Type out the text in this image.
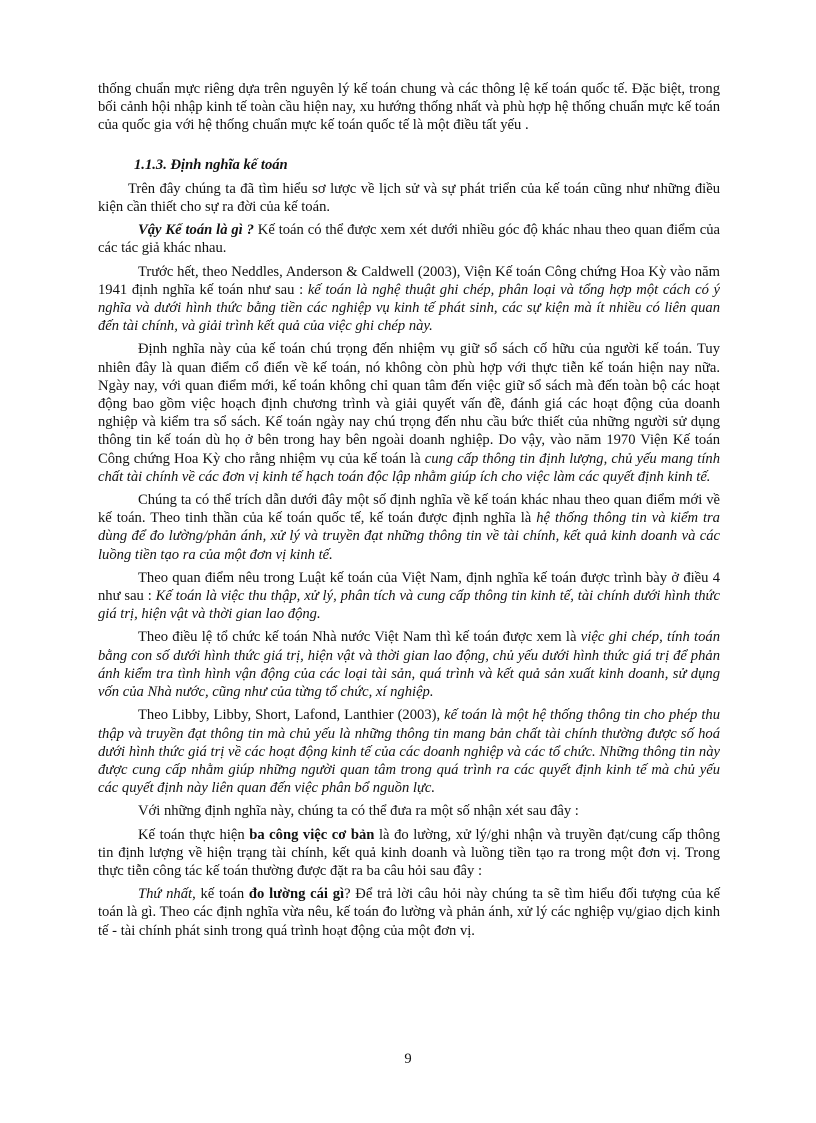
thống chuẩn mực riêng dựa trên nguyên lý kế toán chung và các thông lệ kế toán quốc tế. Đặc biệt, trong bối cảnh hội nhập kinh tế toàn cầu hiện nay, xu hướng thống nhất và phù hợp hệ thống chuẩn mực kế toán của quốc gia với hệ thống chuẩn mực kế toán quốc tế là một điều tất yếu .

1.1.3. Định nghĩa kế toán

Trên đây chúng ta đã tìm hiểu sơ lược về lịch sử và sự phát triển của kế toán cũng như những điều kiện cần thiết cho sự ra đời của kế toán.

Vậy Kế toán là gì ? Kế toán có thể được xem xét dưới nhiều góc độ khác nhau theo quan điểm của các tác giả khác nhau.

Trước hết, theo Neddles, Anderson & Caldwell (2003), Viện Kế toán Công chứng Hoa Kỳ vào năm 1941 định nghĩa kế toán như sau : kế toán là nghệ thuật ghi chép, phân loại và tổng hợp một cách có ý nghĩa và dưới hình thức bằng tiền các nghiệp vụ kinh tế phát sinh, các sự kiện mà ít nhiều có liên quan đến tài chính, và giải trình kết quả của việc ghi chép này.

Định nghĩa này của kế toán chú trọng đến nhiệm vụ giữ sổ sách cố hữu của người kế toán. Tuy nhiên đây là quan điểm cổ điển về kế toán, nó không còn phù hợp với thực tiễn kế toán hiện nay nữa. Ngày nay, với quan điểm mới, kế toán không chỉ quan tâm đến việc giữ sổ sách mà đến toàn bộ các hoạt động bao gồm việc hoạch định chương trình và giải quyết vấn đề, đánh giá các hoạt động của doanh nghiệp và kiểm tra sổ sách. Kế toán ngày nay chú trọng đến nhu cầu bức thiết của những người sử dụng thông tin kế toán dù họ ở bên trong hay bên ngoài doanh nghiệp. Do vậy, vào năm 1970 Viện Kế toán Công chứng Hoa Kỳ cho rằng nhiệm vụ của kế toán là cung cấp thông tin định lượng, chủ yếu mang tính chất tài chính về các đơn vị kinh tế hạch toán độc lập nhằm giúp ích cho việc làm các quyết định kinh tế.

Chúng ta có thể trích dẫn dưới đây một số định nghĩa về kế toán khác nhau theo quan điểm mới về kế toán. Theo tinh thần của kế toán quốc tế, kế toán được định nghĩa là hệ thống thông tin và kiểm tra dùng để đo lường/phản ánh, xử lý và truyền đạt những thông tin về tài chính, kết quả kinh doanh và các luồng tiền tạo ra của một đơn vị kinh tế.

Theo quan điểm nêu trong Luật kế toán của Việt Nam, định nghĩa kế toán được trình bày ở điều 4 như sau : Kế toán là việc thu thập, xử lý, phân tích và cung cấp thông tin kinh tế, tài chính dưới hình thức giá trị, hiện vật và thời gian lao động.

Theo điều lệ tổ chức kế toán Nhà nước Việt Nam thì kế toán được xem là việc ghi chép, tính toán bằng con số dưới hình thức giá trị, hiện vật và thời gian lao động, chủ yếu dưới hình thức giá trị để phản ánh kiểm tra tình hình vận động của các loại tài sản, quá trình và kết quả sản xuất kinh doanh, sử dụng vốn của Nhà nước, cũng như của từng tổ chức, xí nghiệp.

Theo Libby, Libby, Short, Lafond, Lanthier (2003), kế toán là một hệ thống thông tin cho phép thu thập và truyền đạt thông tin mà chủ yếu là những thông tin mang bản chất tài chính thường được số hoá dưới hình thức giá trị về các hoạt động kinh tế của các doanh nghiệp và các tổ chức. Những thông tin này được cung cấp nhằm giúp những người quan tâm trong quá trình ra các quyết định kinh tế mà chủ yếu các quyết định này liên quan đến việc phân bổ nguồn lực.

Với những định nghĩa này, chúng ta có thể đưa ra một số nhận xét sau đây :

Kế toán thực hiện ba công việc cơ bản là đo lường, xử lý/ghi nhận và truyền đạt/cung cấp thông tin định lượng về hiện trạng tài chính, kết quả kinh doanh và luồng tiền tạo ra trong một đơn vị. Trong thực tiễn công tác kế toán thường được đặt ra ba câu hỏi sau đây :

Thứ nhất, kế toán đo lường cái gì? Để trả lời câu hỏi này chúng ta sẽ tìm hiểu đối tượng của kế toán là gì. Theo các định nghĩa vừa nêu, kế toán đo lường và phản ánh, xử lý các nghiệp vụ/giao dịch kinh tế - tài chính phát sinh trong quá trình hoạt động của một đơn vị.

9
